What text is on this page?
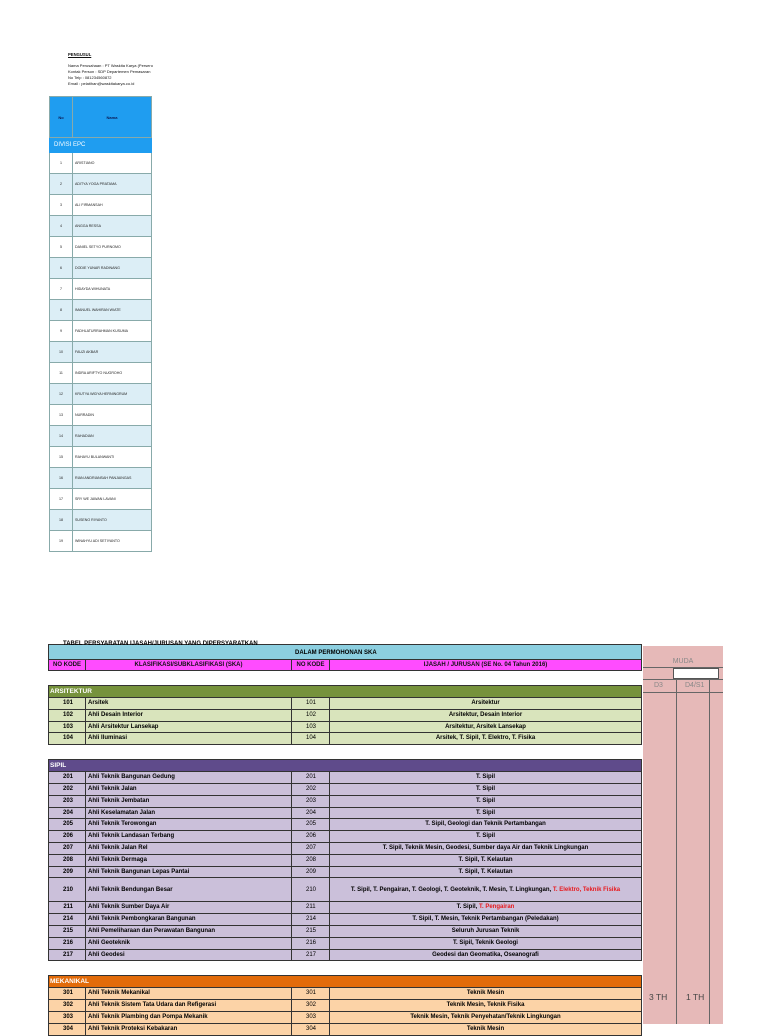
PENGUSUL
Nama Perusahaan : PT Waskita Karya (Persero
Kontak Person : SDP Departemen Pemasaran
No Telp : 081234560872
Email : pelatihan@waskitakarya.co.id
No	Nama
DIVISI EPC	
1	ARISTIANO
2	ADITYA YOGA PRATAMA
3	ALI FIRMANSAH
4	ANGGA RESSA
5	DANIEL SETYO PURNOMO
6	DODIE YUNAR RADINANG
7	HIDAYDA WIHUNATA
8	IMANUEL WAHIRAN WIATE
9	FADHLATURRAHMAN KUSUMA
10	FAUZI AKBAR
11	INDRA ARIFTYO NUGROHO
12	KRUTYA WIDYA HERNINGRUM
13	NURRADIN
14	RAHADIAN
15	RAHAYU BULANWANTI
16	RIAN ANDRIANSAH PANJAINGAS
17	SRY WE JAWAN LAVANI
18	SUSENO RIYANTO
19	WINAHYU ADI SETIYANTO
TABEL PERSYARATAN IJASAH/JURUSAN YANG DIPERSYARATKAN
DALAM PERMOHONAN SKA
NO KODE	KLASIFIKASI/SUBKLASIFIKASI (SKA)	NO KODE	IJASAH / JURUSAN (SE No. 04 Tahun 2016)
ARSITEKTUR
101	Arsitek	101	Arsitektur
102	Ahli Desain Interior	102	Arsitektur, Desain Interior
103	Ahli Arsitektur Lansekap	103	Arsitektur, Arsitek Lansekap
104	Ahli Iluminasi	104	Arsitek, T. Sipil, T. Elektro, T. Fisika
SIPIL
201	Ahli Teknik Bangunan Gedung	201	T. Sipil
202	Ahli Teknik Jalan	202	T. Sipil
203	Ahli Teknik Jembatan	203	T. Sipil
204	Ahli Keselamatan Jalan	204	T. Sipil
205	Ahli Teknik Terowongan	205	T. Sipil, Geologi dan Teknik Pertambangan
206	Ahli Teknik Landasan Terbang	206	T. Sipil
207	Ahli Teknik Jalan Rel	207	T. Sipil, Teknik Mesin, Geodesi, Sumber daya Air dan Teknik Lingkungan
208	Ahli Teknik Dermaga	208	T. Sipil, T. Kelautan
209	Ahli Teknik Bangunan Lepas Pantai	209	T. Sipil, T. Kelautan
210	Ahli Teknik Bendungan Besar	210	T. Sipil, T. Pengairan, T. Geologi, T. Geoteknik, T. Mesin, T. Lingkungan, T. Elektro, Teknik Fisika
211	Ahli Teknik Sumber Daya Air	211	T. Sipil, T. Pengairan
214	Ahli Teknik Pembongkaran Bangunan	214	T. Sipil, T. Mesin, Teknik Pertambangan (Peledakan)
215	Ahli Pemeliharaan dan Perawatan Bangunan	215	Seluruh Jurusan Teknik
216	Ahli Geoteknik	216	T. Sipil, Teknik Geologi
217	Ahli Geodesi	217	Geodesi dan Geomatika, Oseanografi
MEKANIKAL
301	Ahli Teknik Mekanikal	301	Teknik Mesin
302	Ahli Teknik Sistem Tata Udara dan Refigerasi	302	Teknik Mesin, Teknik Fisika
303	Ahli Teknik Plambing dan Pompa Mekanik	303	Teknik Mesin, Teknik Penyehatan/Teknik Lingkungan
304	Ahli Teknik Proteksi Kebakaran	304	Teknik Mesin
MUDA
D3	D4/S1
3 TH 1 TH
